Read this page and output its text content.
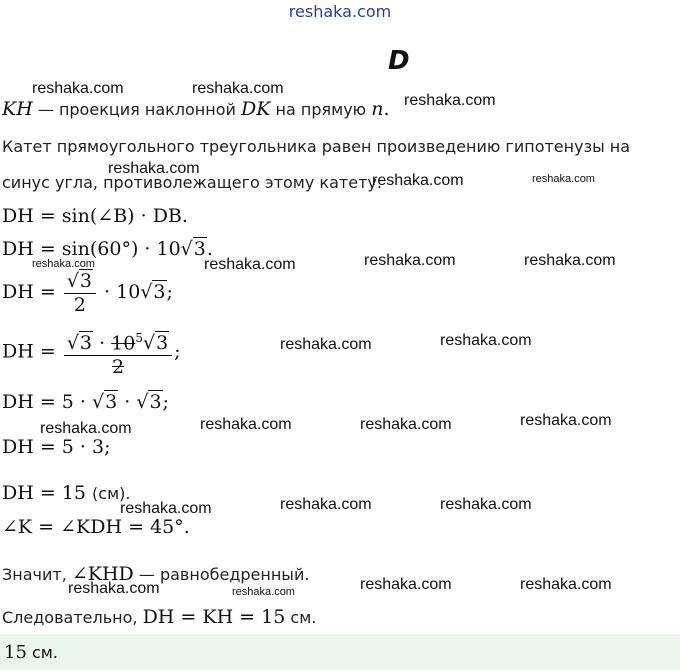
reshaka.com
D
KH — проекция наклонной DK на прямую n.
Катет прямоугольного треугольника равен произведению гипотенузы на
синус угла, противолежащего этому катету.
DH = sin(∠B) · DB.
DH = sin(60°) · 10√3.
DH = $\frac{√3}{2} \cdot 10√3$;
DH = $\frac{√3 \cdot 10^5√3}{2}$ ;
DH = 5 · √3 · √3;
DH = 5 · 3;
DH = 15 (см).
∠K = ∠KDH = 45°.
Значит, ∠KHD — равнобедренный.
Следовательно, DH = KH = 15 см.
15 см.
reshaka.com	reshaka.com
reshaka.com
reshaka.com
reshaka.com	reshaka.com
reshaka.com	reshaka.com	reshaka.com	reshaka.com
reshaka.com	reshaka.com
reshaka.com	reshaka.com	reshaka.com	reshaka.com
reshaka.com	reshaka.com	reshaka.com
reshaka.com	reshaka.com	reshaka.com	reshaka.com
